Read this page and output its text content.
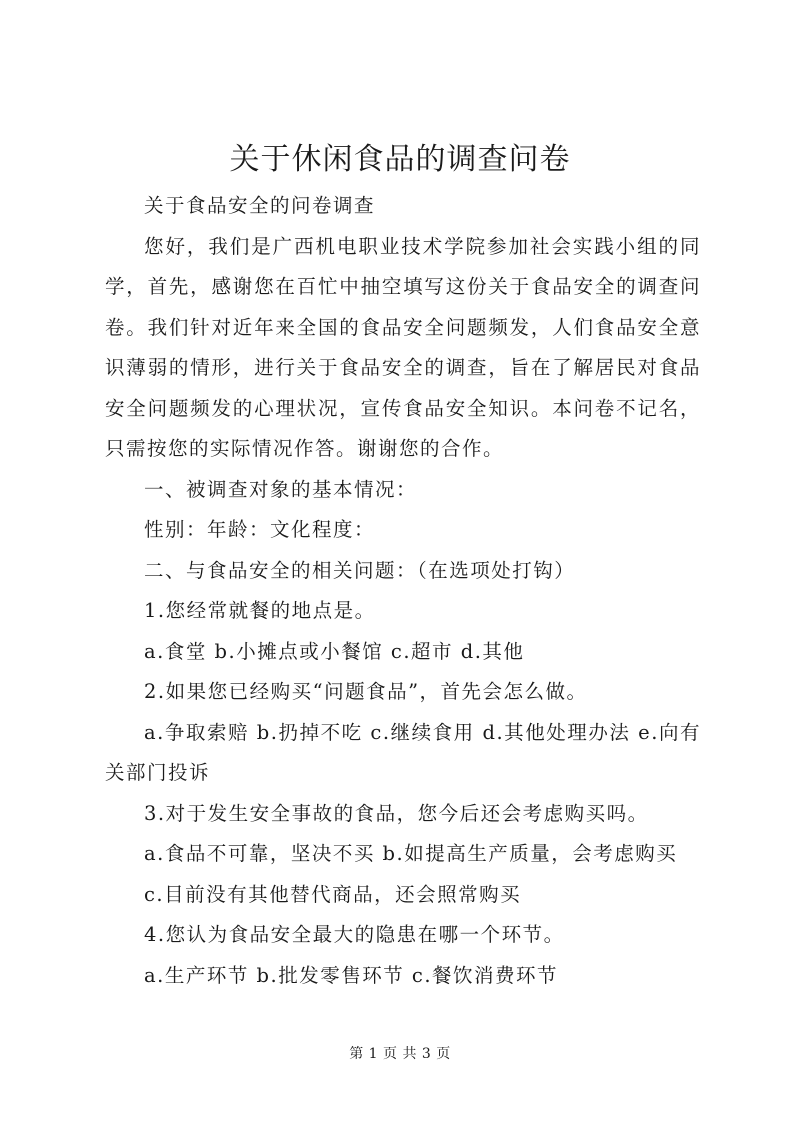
关于休闲食品的调查问卷

关于食品安全的问卷调查

您好，我们是广西机电职业技术学院参加社会实践小组的同学，首先，感谢您在百忙中抽空填写这份关于食品安全的调查问卷。我们针对近年来全国的食品安全问题频发，人们食品安全意识薄弱的情形，进行关于食品安全的调查，旨在了解居民对食品安全问题频发的心理状况，宣传食品安全知识。本问卷不记名，只需按您的实际情况作答。谢谢您的合作。

一、被调查对象的基本情况：

性别：年龄：文化程度：

二、与食品安全的相关问题：（在选项处打钩）

1.您经常就餐的地点是。

a.食堂 b.小摊点或小餐馆 c.超市 d.其他

2.如果您已经购买“问题食品”，首先会怎么做。

a.争取索赔 b.扔掉不吃 c.继续食用 d.其他处理办法 e.向有关部门投诉

3.对于发生安全事故的食品，您今后还会考虑购买吗。

a.食品不可靠，坚决不买 b.如提高生产质量，会考虑购买

c.目前没有其他替代商品，还会照常购买

4.您认为食品安全最大的隐患在哪一个环节。

a.生产环节 b.批发零售环节 c.餐饮消费环节

第 1 页 共 3 页
